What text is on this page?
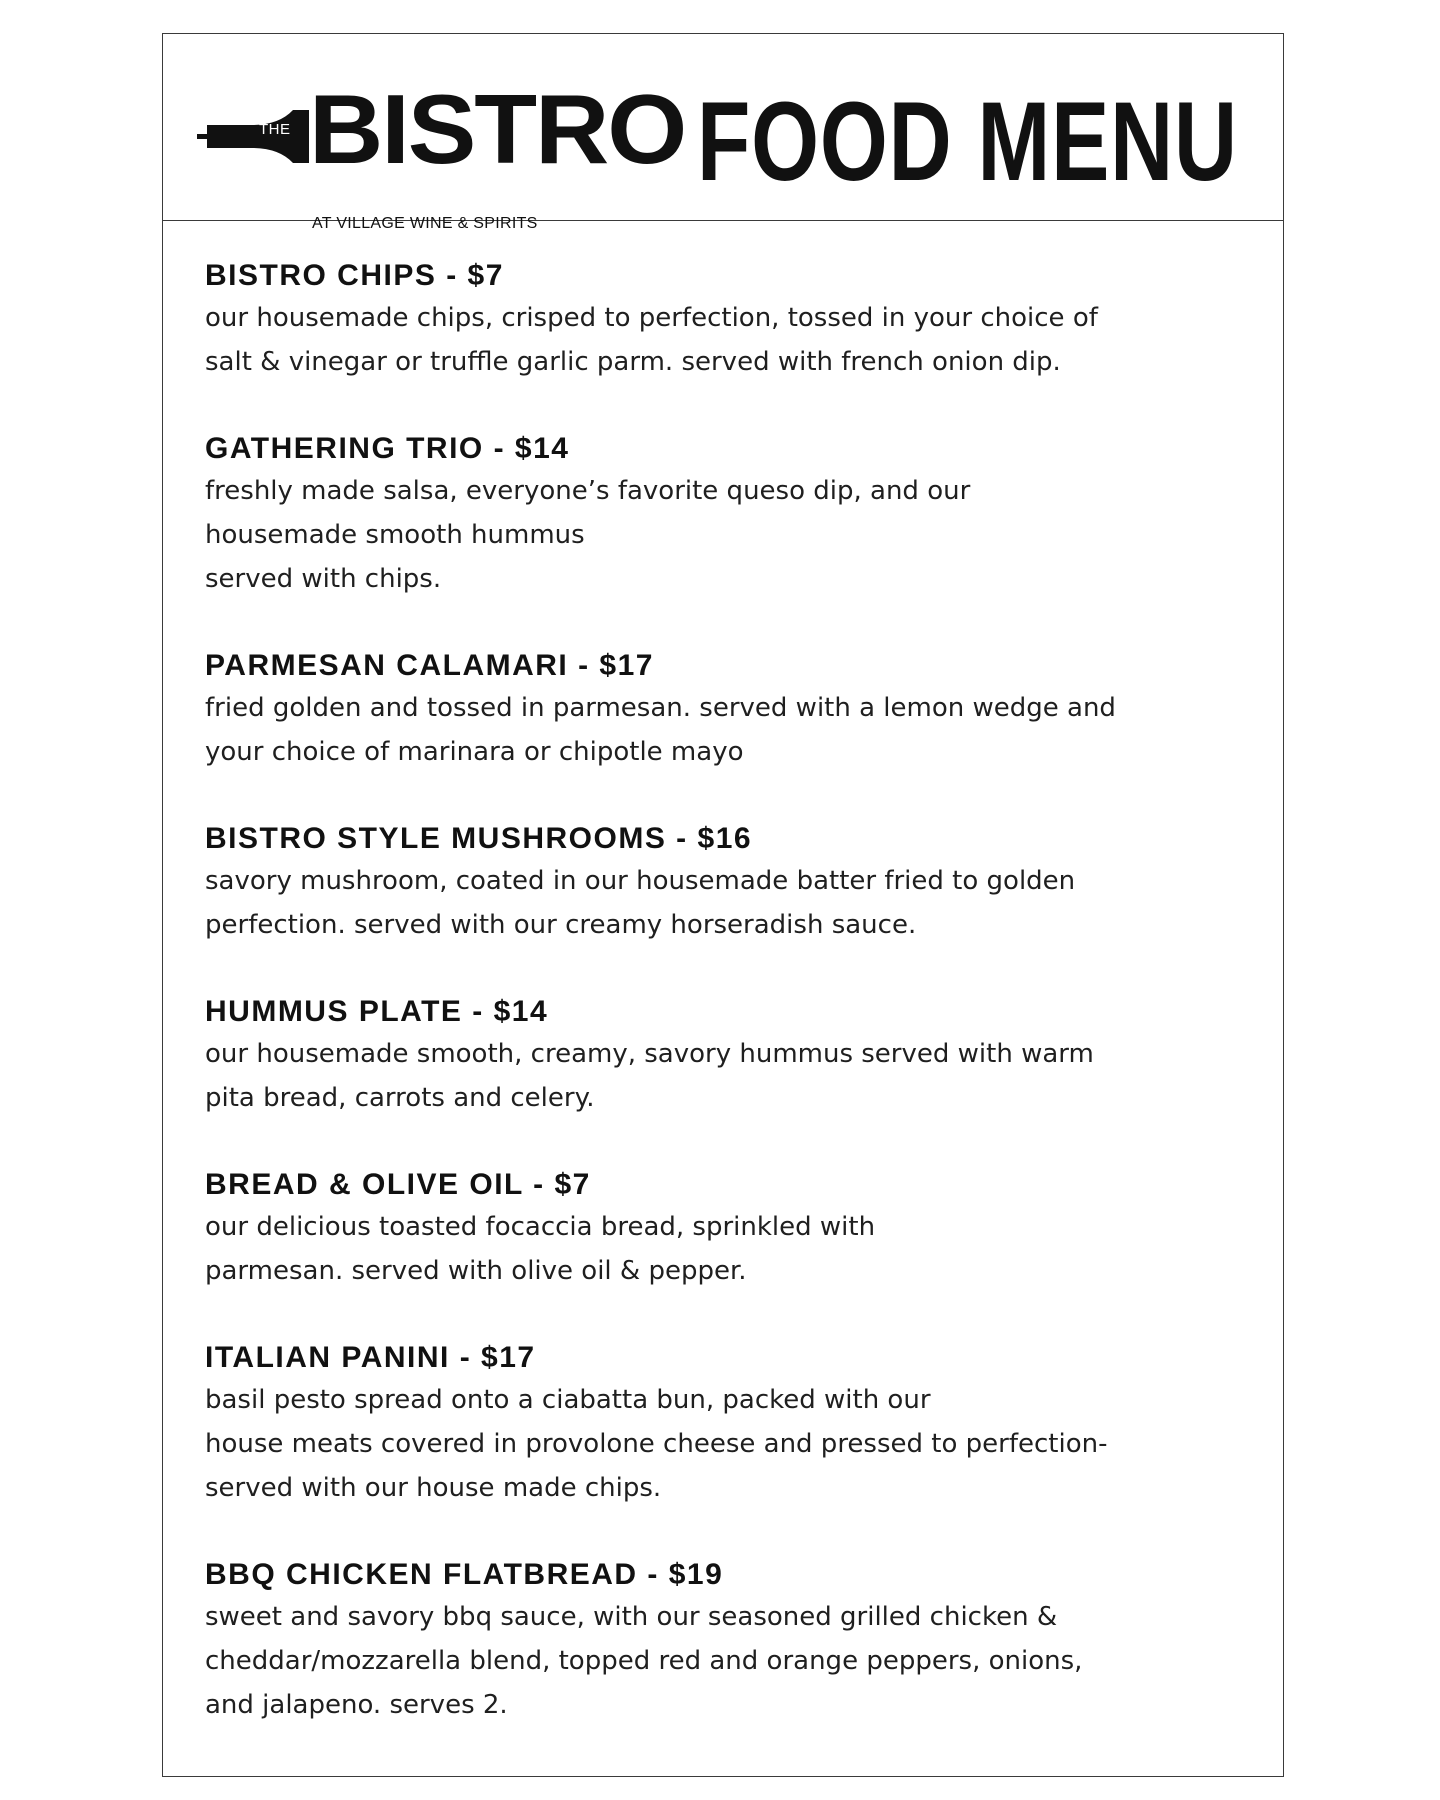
THE BISTRO
AT VILLAGE WINE & SPIRITS
FOOD MENU
BISTRO CHIPS - $7
our housemade chips, crisped to perfection, tossed in your choice of
salt & vinegar or truffle garlic parm. served with french onion dip.
GATHERING TRIO - $14
freshly made salsa, everyone’s favorite queso dip, and our
housemade smooth hummus
served with chips.
PARMESAN CALAMARI - $17
fried golden and tossed in parmesan. served with a lemon wedge and
your choice of marinara or chipotle mayo
BISTRO STYLE MUSHROOMS - $16
savory mushroom, coated in our housemade batter fried to golden
perfection. served with our creamy horseradish sauce.
HUMMUS PLATE - $14
our housemade smooth, creamy, savory hummus served with warm
pita bread, carrots and celery.
BREAD & OLIVE OIL - $7
our delicious toasted focaccia bread, sprinkled with
parmesan. served with olive oil & pepper.
ITALIAN PANINI - $17
basil pesto spread onto a ciabatta bun, packed with our
house meats covered in provolone cheese and pressed to perfection-
served with our house made chips.
BBQ CHICKEN FLATBREAD - $19
sweet and savory bbq sauce, with our seasoned grilled chicken &
cheddar/mozzarella blend, topped red and orange peppers, onions,
and jalapeno. serves 2.
